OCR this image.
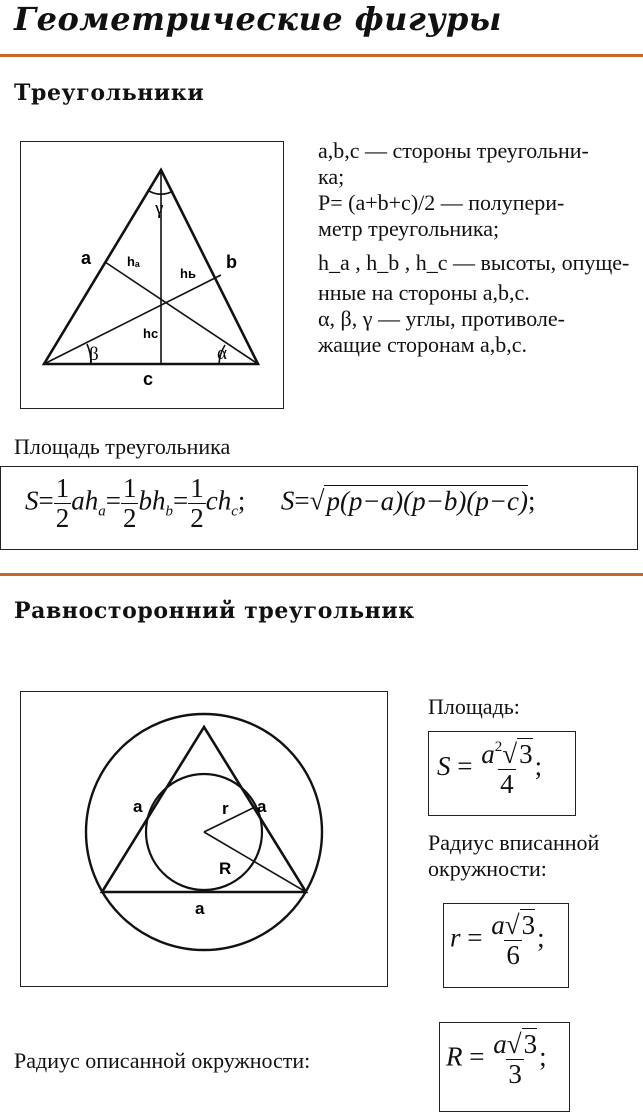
Геометрические фигуры
Треугольники
a	b
c
hₐ
hь
hc
β	α
γ
a,b,c — стороны треугольни-
ка;
P= (a+b+c)/2 — полупери-
метр треугольника;
h_a , h_b , h_c — высоты, опуще-
нные на стороны a,b,c.
α, β, γ — углы, противоле-
жащие сторонам a,b,c.
Площадь треугольника
$S= \frac{1}{2} ah_a= \frac{1}{2} bh_b= \frac{1}{2} ch_c$; S=√p(p−a)(p−b)(p−c);
Равносторонний треугольник
a	a
a
r
R
Площадь:
$S = \frac{a^2√3}{4}$ ;
Радиус вписанной
окружности:
$r = \frac{a√3}{6}$ ;
Радиус описанной окружности:	$R = \frac{a√3}{3}$ ;
